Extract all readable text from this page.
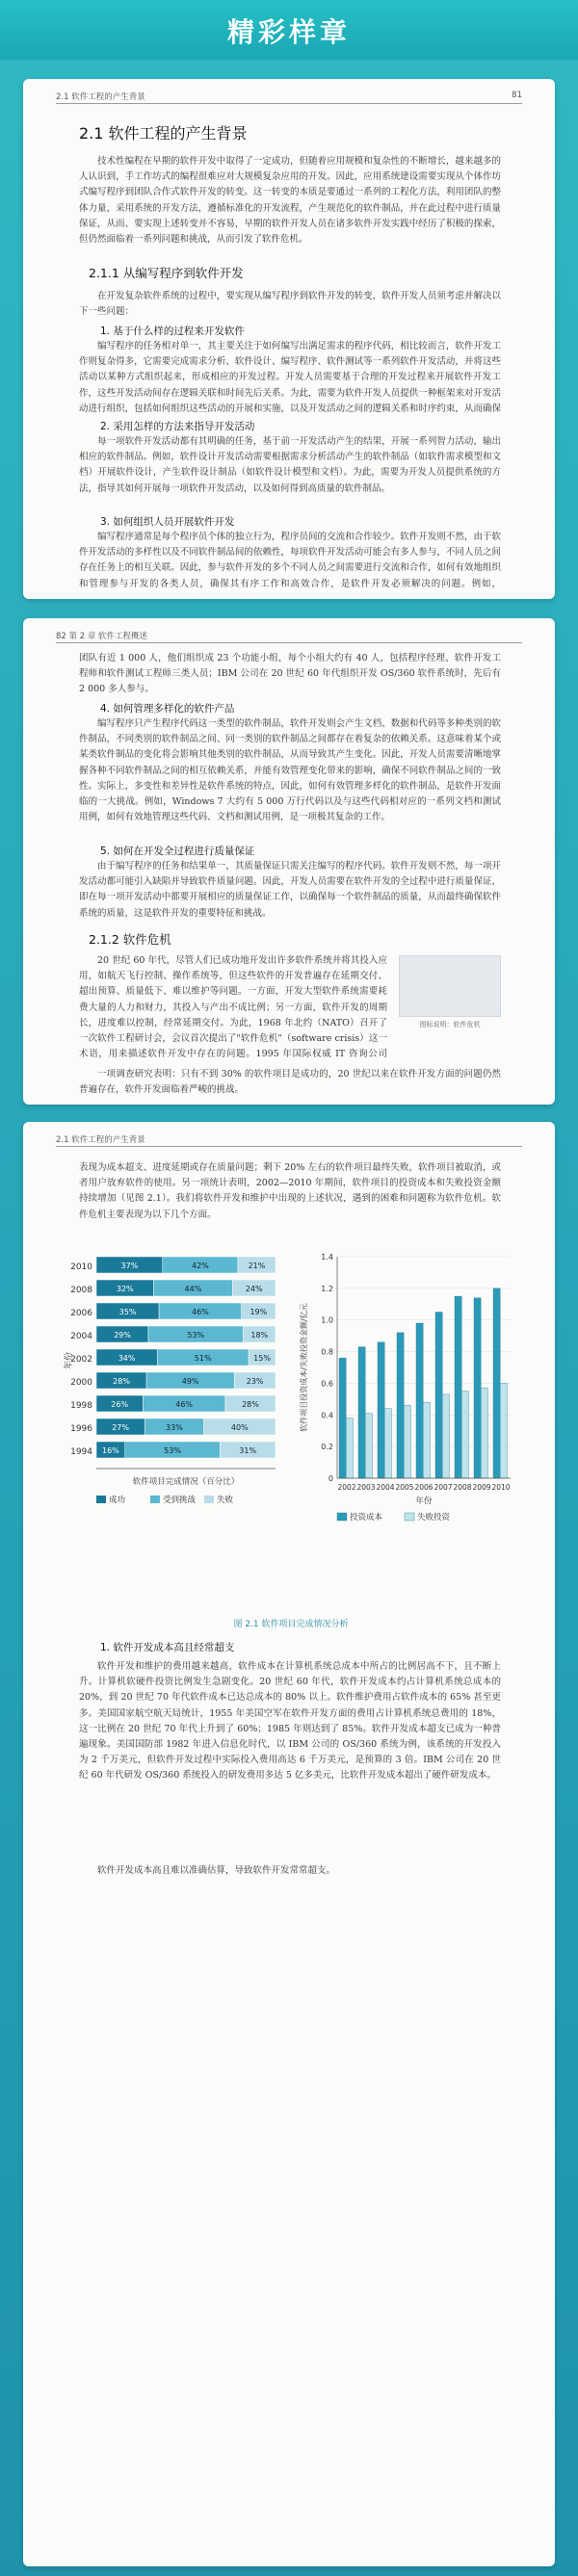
精彩样章
2.1 软件工程的产生背景	81
2.1 软件工程的产生背景
技术性编程在早期的软件开发中取得了一定成功，但随着应用规模和复杂性的不断增长，越来越多的人认识到，手工作坊式的编程很难应对大规模复杂应用的开发。因此，应用系统建设需要实现从个体作坊式编写程序到团队合作式软件开发的转变。这一转变的本质是要通过一系列的工程化方法，利用团队的整体力量，采用系统的开发方法，遵循标准化的开发流程，产生规范化的软件制品，并在此过程中进行质量保证，从而、要实现上述转变并不容易，早期的软件开发人员在诸多软件开发实践中经历了积极的探索，但仍然面临着一系列问题和挑战，从而引发了软件危机。
2.1.1 从编写程序到软件开发
在开发复杂软件系统的过程中，要实现从编写程序到软件开发的转变，软件开发人员须考虑并解决以下一些问题：
1. 基于什么样的过程来开发软件
编写程序的任务相对单一，其主要关注于如何编写出满足需求的程序代码，相比较而言，软件开发工作则复杂得多，它需要完成需求分析、软件设计、编写程序、软件测试等一系列软件开发活动，并将这些活动以某种方式组织起来，形成相应的开发过程。开发人员需要基于合理的开发过程来开展软件开发工作，这些开发活动间存在逻辑关联和时间先后关系。为此，需要为软件开发人员提供一种框架来对开发活动进行组织，包括如何组织这些活动的开展和实施，以及开发活动之间的逻辑关系和时序约束，从而确保
2. 采用怎样的方法来指导开发活动
每一项软件开发活动都有其明确的任务，基于前一开发活动产生的结果，开展一系列智力活动，输出相应的软件制品。例如，软件设计开发活动需要根据需求分析活动产生的软件制品（如软件需求模型和文档）开展软件设计，产生软件设计制品（如软件设计模型和文档）。为此，需要为开发人员提供系统的方法，指导其如何开展每一项软件开发活动，以及如何得到高质量的软件制品。
3. 如何组织人员开展软件开发
编写程序通常是每个程序员个体的独立行为，程序员间的交流和合作较少。软件开发则不然，由于软件开发活动的多样性以及不同软件制品间的依赖性，每项软件开发活动可能会有多人参与，不同人员之间存在任务上的相互关联。因此，参与软件开发的多个不同人员之间需要进行交流和合作，如何有效地组织和管理参与开发的各类人员，确保其有序工作和高效合作，是软件开发必须解决的问题。例如，
82 第 2 章 软件工程概述
团队有近 1 000 人，他们组织成 23 个功能小组，每个小组大约有 40 人，包括程序经理、软件开发工程师和软件测试工程师三类人员；IBM 公司在 20 世纪 60 年代组织开发 OS/360 软件系统时，先后有 2 000 多人参与。
4. 如何管理多样化的软件产品
编写程序只产生程序代码这一类型的软件制品，软件开发则会产生文档、数据和代码等多种类别的软件制品，不同类别的软件制品之间、同一类别的软件制品之间都存在着复杂的依赖关系。这意味着某个或某类软件制品的变化将会影响其他类别的软件制品，从而导致其产生变化。因此，开发人员需要清晰地掌握各种不同软件制品之间的相互依赖关系，并能有效管理变化带来的影响，确保不同软件制品之间的一致性。实际上，多变性和差异性是软件系统的特点，因此，如何有效管理多样化的软件制品，是软件开发面临的一大挑战。例如，Windows 7 大约有 5 000 万行代码以及与这些代码相对应的一系列文档和测试用例，如何有效地管理这些代码、文档和测试用例，是一项极其复杂的工作。
5. 如何在开发全过程进行质量保证
由于编写程序的任务和结果单一，其质量保证只需关注编写的程序代码。软件开发则不然，每一项开发活动都可能引入缺陷并导致软件质量问题。因此，开发人员需要在软件开发的全过程中进行质量保证，即在每一项开发活动中都要开展相应的质量保证工作，以确保每一个软件制品的质量，从而最终确保软件系统的质量，这是软件开发的重要特征和挑战。
2.1.2 软件危机
20 世纪 60 年代，尽管人们已成功地开发出许多软件系统并将其投入应用，如航天飞行控制、操作系统等，但这些软件的开发普遍存在延期交付、超出预算、质量低下、难以维护等问题。一方面，开发大型软件系统需要耗费大量的人力和财力，其投入与产出不成比例；另一方面，软件开发的周期长，进度难以控制，经常延期交付。为此，1968 年北约（NATO）召开了一次软件工程研讨会，会议首次提出了"软件危机"（software crisis）这一术语，用来描述软件开发中存在的问题。1995 年国际权威 IT 咨询公司
图标说明：软件危机
一项调查研究表明：只有不到 30% 的软件项目是成功的，20 世纪以来在软件开发方面的问题仍然普遍存在，软件开发面临着严峻的挑战。
2.1 软件工程的产生背景
表现为成本超支、进度延期或存在质量问题；剩下 20% 左右的软件项目最终失败，软件项目被取消，或者用户放弃软件的使用。另一项统计表明，2002—2010 年期间，软件项目的投资成本和失败投资金额持续增加（见图 2.1）。我们将软件开发和维护中出现的上述状况，遇到的困难和问题称为软件危机。软件危机主要表现为以下几个方面。
2010	37%	42%	21%
2008	32%	44%	24%
2006	35%	46%	19%
2004	29%	53%	18%
2002	34%	51%	15%
2000	28%	49%	23%
1998 26%	46%	28%
1996	27%	33%	40%
1994 16%	53%	31%
年份
软件项目完成情况（百分比）
成功	受到挑战	失败
0
0.2
0.4
0.6
0.8
1.0
1.2
1.4
2002 2003 2004 2005 2006 2007 2008 2009 2010
软件项目投资成本/失败投资金额/亿元
年份
投资成本	失败投资
图 2.1 软件项目完成情况分析
1. 软件开发成本高且经常超支
软件开发和维护的费用越来越高，软件成本在计算机系统总成本中所占的比例居高不下，且不断上升。计算机软硬件投资比例发生急剧变化。20 世纪 60 年代，软件开发成本约占计算机系统总成本的 20%，到 20 世纪 70 年代软件成本已达总成本的 80% 以上。软件维护费用占软件成本的 65% 甚至更多。美国国家航空航天局统计，1955 年美国空军在软件开发方面的费用占计算机系统总费用的 18%，这一比例在 20 世纪 70 年代上升到了 60%；1985 年则达到了 85%。软件开发成本超支已成为一种普遍现象。美国国防部 1982 年进入信息化时代，以 IBM 公司的 OS/360 系统为例，该系统的开发投入为 2 千万美元，但软件开发过程中实际投入费用高达 6 千万美元，是预算的 3 倍。IBM 公司在 20 世纪 60 年代研发 OS/360 系统投入的研发费用多达 5 亿多美元，比软件开发成本超出了硬件研发成本。
软件开发成本高且难以准确估算，导致软件开发常常超支。
